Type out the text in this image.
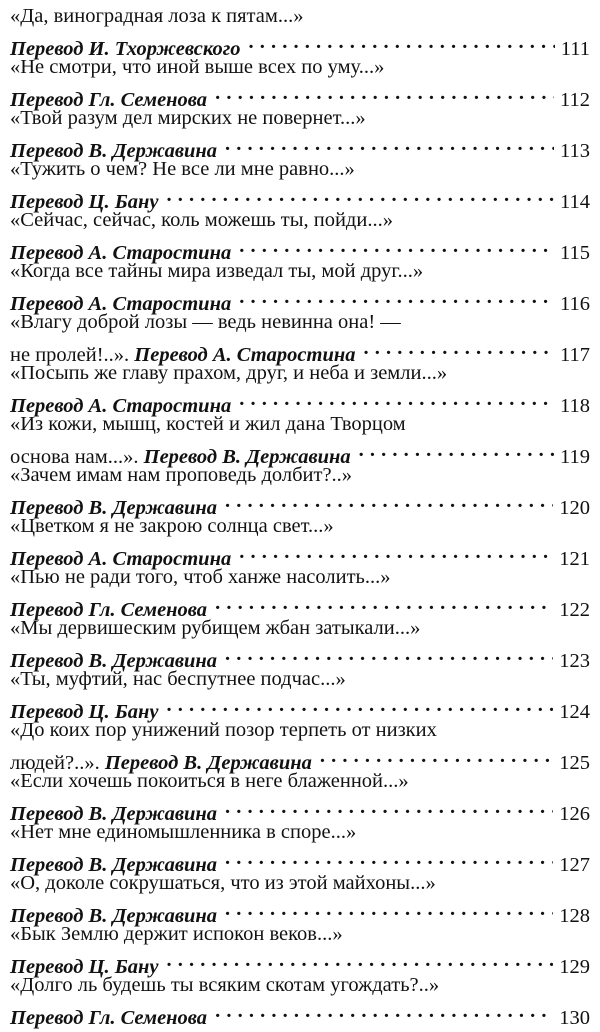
«Да, виноградная лоза к пятам...»
Перевод И. Тхоржевского . . .	111
«Не смотри, что иной выше всех по уму...»
Перевод Гл. Семенова . . .	112
«Твой разум дел мирских не повернет...»
Перевод В. Державина . . .	113
«Тужить о чем? Не все ли мне равно...»
Перевод Ц. Бану . . .	114
«Сейчас, сейчас, коль можешь ты, пойди...»
Перевод А. Старостина . . .	115
«Когда все тайны мира изведал ты, мой друг...»
Перевод А. Старостина . . .	116
«Влагу доброй лозы — ведь невинна она! —
не пролей!..».
Перевод А. Старостина . . .	117
«Посыпь же главу прахом, друг, и неба и земли...»
Перевод А. Старостина . . .	118
«Из кожи, мышц, костей и жил дана Творцом
основа нам...».
Перевод В. Державина . . .	119
«Зачем имам нам проповедь долбит?..»
Перевод В. Державина . . .	120
«Цветком я не закрою солнца свет...»
Перевод А. Старостина . . .	121
«Пью не ради того, чтоб ханже насолить...»
Перевод Гл. Семенова . . .	122
«Мы дервишеским рубищем жбан затыкали...»
Перевод В. Державина . . .	123
«Ты, муфтий, нас беспутнее подчас...»
Перевод Ц. Бану . . .	124
«До коих пор унижений позор терпеть от низких
людей?..».
Перевод В. Державина . . .	125
«Если хочешь покоиться в неге блаженной...»
Перевод В. Державина . . .	126
«Нет мне единомышленника в споре...»
Перевод В. Державина . . .	127
«О, доколе сокрушаться, что из этой майхоны...»
Перевод В. Державина . . .	128
«Бык Землю держит испокон веков...»
Перевод Ц. Бану . . .	129
«Долго ль будешь ты всяким скотам угождать?..»
Перевод Гл. Семенова . . .	130
